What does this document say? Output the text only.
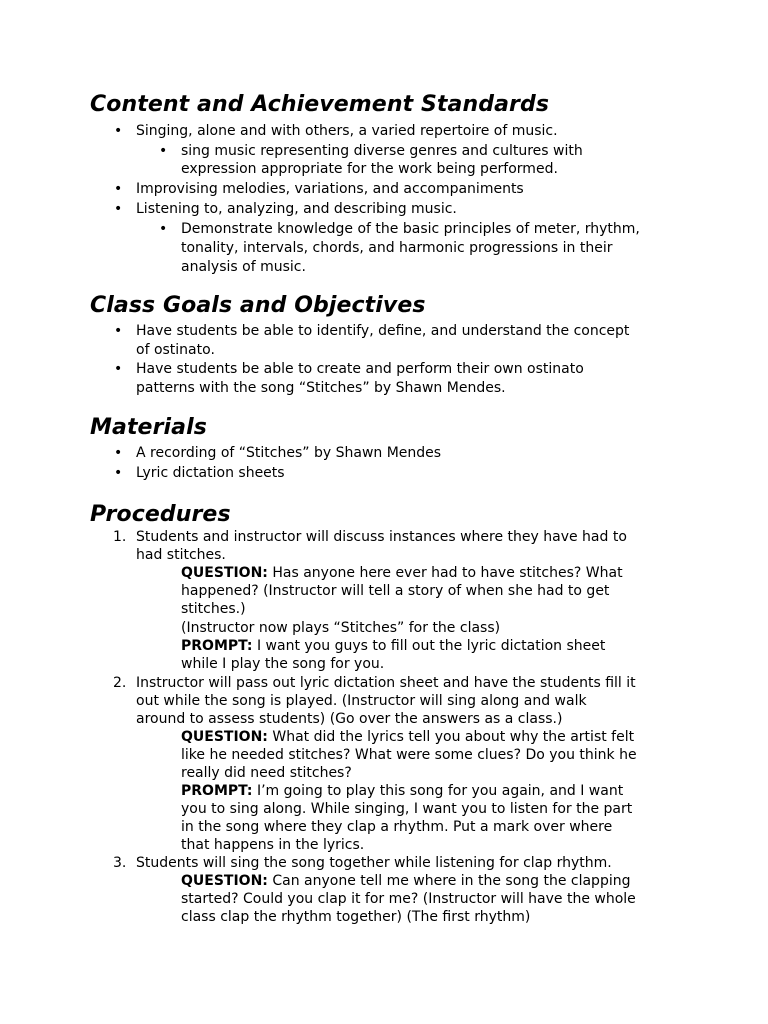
Content and Achievement Standards
• Singing, alone and with others, a varied repertoire of music.

• sing music representing diverse genres and cultures with

expression appropriate for the work being performed.

• Improvising melodies, variations, and accompaniments

• Listening to, analyzing, and describing music.

• Demonstrate knowledge of the basic principles of meter, rhythm,

tonality, intervals, chords, and harmonic progressions in their

analysis of music.

Class Goals and Objectives
• Have students be able to identify, define, and understand the concept

of ostinato.

• Have students be able to create and perform their own ostinato

patterns with the song “Stitches” by Shawn Mendes.

Materials
• A recording of “Stitches” by Shawn Mendes

• Lyric dictation sheets

Procedures
1. Students and instructor will discuss instances where they have had to

had stitches.

QUESTION: Has anyone here ever had to have stitches? What

happened? (Instructor will tell a story of when she had to get

stitches.)

(Instructor now plays “Stitches” for the class)

PROMPT: I want you guys to fill out the lyric dictation sheet

while I play the song for you.

2. Instructor will pass out lyric dictation sheet and have the students fill it

out while the song is played. (Instructor will sing along and walk

around to assess students) (Go over the answers as a class.)

QUESTION: What did the lyrics tell you about why the artist felt

like he needed stitches? What were some clues? Do you think he

really did need stitches?

PROMPT: I’m going to play this song for you again, and I want

you to sing along. While singing, I want you to listen for the part

in the song where they clap a rhythm. Put a mark over where

that happens in the lyrics.

3. Students will sing the song together while listening for clap rhythm.

QUESTION: Can anyone tell me where in the song the clapping

started? Could you clap it for me? (Instructor will have the whole

class clap the rhythm together) (The first rhythm)
